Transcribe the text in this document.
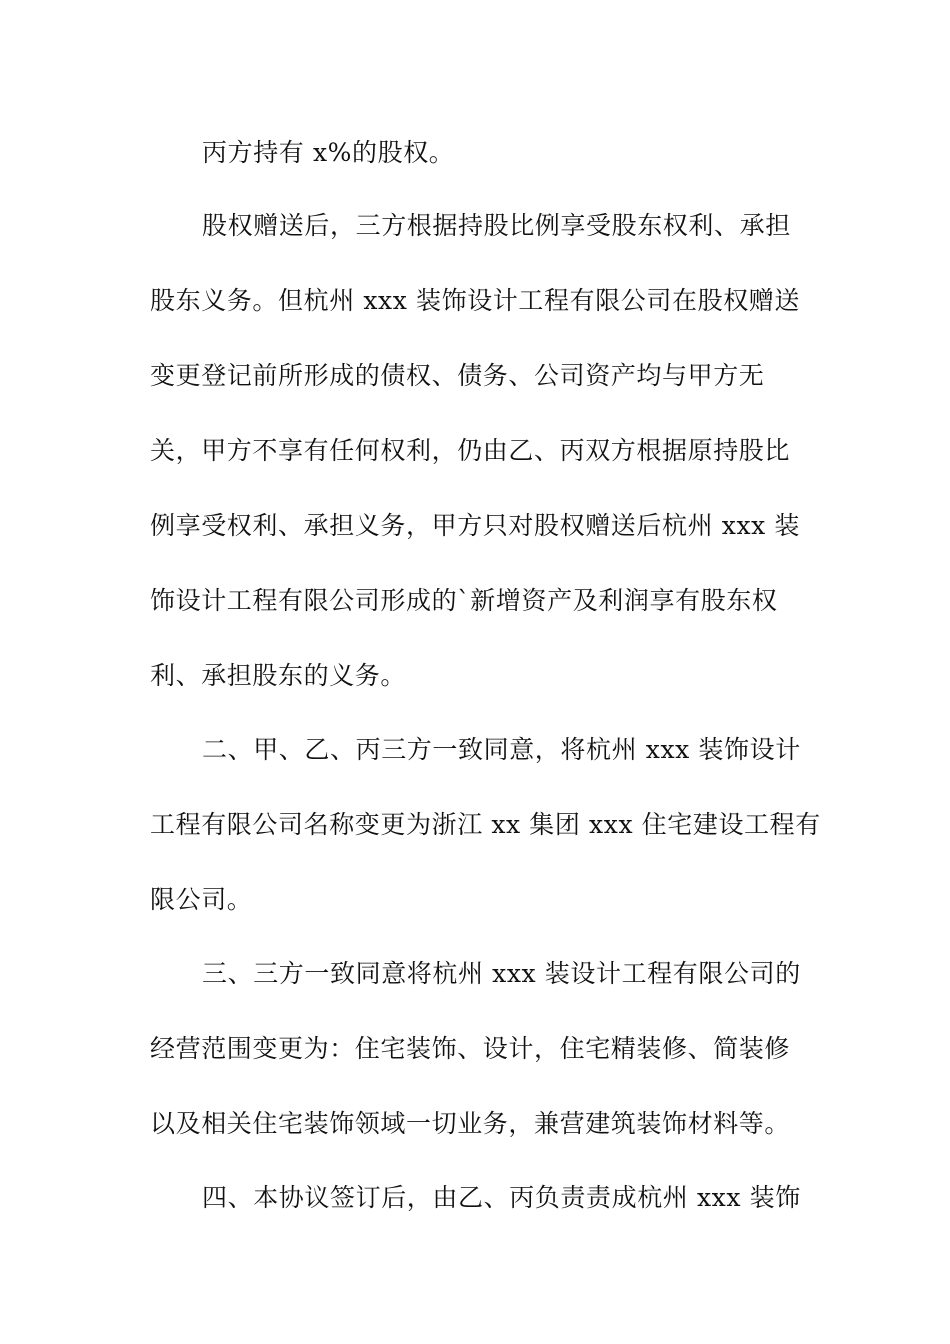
丙方持有 x%的股权。
股权赠送后，三方根据持股比例享受股东权利、承担
股东义务。但杭州 xxx 装饰设计工程有限公司在股权赠送
变更登记前所形成的债权、债务、公司资产均与甲方无
关，甲方不享有任何权利，仍由乙、丙双方根据原持股比
例享受权利、承担义务，甲方只对股权赠送后杭州 xxx 装
饰设计工程有限公司形成的`新增资产及利润享有股东权
利、承担股东的义务。
二、甲、乙、丙三方一致同意，将杭州 xxx 装饰设计
工程有限公司名称变更为浙江 xx 集团 xxx 住宅建设工程有
限公司。
三、三方一致同意将杭州 xxx 装设计工程有限公司的
经营范围变更为：住宅装饰、设计，住宅精装修、简装修
以及相关住宅装饰领域一切业务，兼营建筑装饰材料等。
四、本协议签订后，由乙、丙负责责成杭州 xxx 装饰
